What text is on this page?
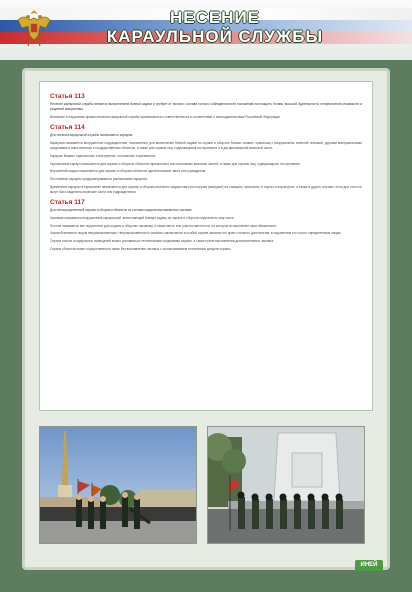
НЕСЕНИЕ
КАРАУЛЬНОЙ СЛУЖБЫ
Статья 113

Несение караульной службы является выполнением боевой задачи и требует от личного состава точного соблюдения всех положений настоящего Устава, высокой бдительности, непреклонной решимости и разумной инициативы.

Виновные в нарушении правил несения караульной службы привлекаются к ответственности в соответствии с законодательством Российской Федерации.

Статья 114

Для несения караульной службы назначаются караулы.

Караулом называется вооруженное подразделение, назначенное для выполнения боевой задачи по охране и обороне боевых знамен, хранилищ с вооружением, военной техникой, другими материальными средствами и иных военных и государственных объектов, а также для охраны лиц, содержащихся на гауптвахте и в дисциплинарной воинской части.

Караулы бывают гарнизонные и внутренние, постоянные и временные.

Гарнизонный караул назначается для охраны и обороны объектов гарнизонного или нескольких воинских частей, а также для охраны лиц, содержащихся на гауптвахте.

Внутренний караул назначается для охраны и обороны объектов одной воинской части или учреждения.

Постоянные караулы предусматриваются расписанием караулов.

Временные караулы в гарнизонах назначаются для охраны и обороны военного имущества при погрузке (выгрузке) на станциях, пристанях, в портах и аэропортах, а также в других случаях, если для этого не могут быть выделены воинские части или подразделения.

Статья 117

Для непосредственной охраны и обороны объектов из состава караула выставляются часовые.

Часовым называется вооруженный караульный, выполняющий боевую задачу по охране и обороне порученного ему поста.

Постом называется все порученное для охраны и обороны часовому, а также место или участок местности, на котором он выполняет свои обязанности.

Часовой является лицом неприкосновенным. Неприкосновенность часового заключается в особой охране законом его прав и личного достоинства, в подчинении его строго определенным лицам.

Охрана постов и караульных помещений может усиливаться техническими средствами охраны, а также путем выставления дополнительных часовых.

Охрана объектов может осуществляться также без выставления часовых с использованием технических средств охраны.

ИНЕЙ
